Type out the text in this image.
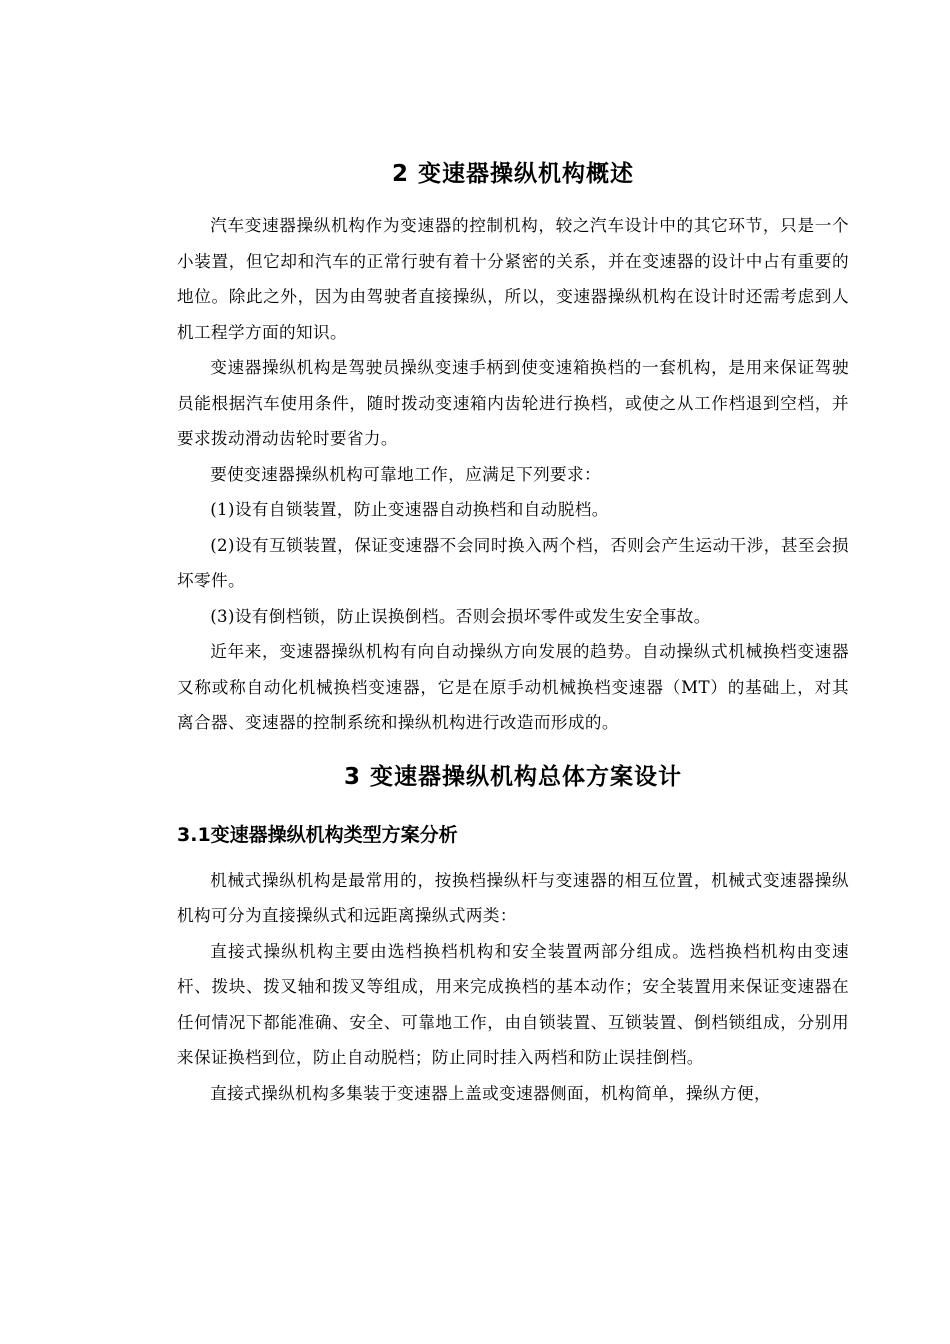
2 变速器操纵机构概述

汽车变速器操纵机构作为变速器的控制机构，较之汽车设计中的其它环节，只是一个小装置，但它却和汽车的正常行驶有着十分紧密的关系，并在变速器的设计中占有重要的地位。除此之外，因为由驾驶者直接操纵，所以，变速器操纵机构在设计时还需考虑到人机工程学方面的知识。

变速器操纵机构是驾驶员操纵变速手柄到使变速箱换档的一套机构，是用来保证驾驶员能根据汽车使用条件，随时拨动变速箱内齿轮进行换档，或使之从工作档退到空档，并要求拨动滑动齿轮时要省力。

要使变速器操纵机构可靠地工作，应满足下列要求：

(1)设有自锁装置，防止变速器自动换档和自动脱档。

(2)设有互锁装置，保证变速器不会同时换入两个档，否则会产生运动干涉，甚至会损坏零件。

(3)设有倒档锁，防止误换倒档。否则会损坏零件或发生安全事故。

近年来，变速器操纵机构有向自动操纵方向发展的趋势。自动操纵式机械换档变速器又称或称自动化机械换档变速器，它是在原手动机械换档变速器（MT）的基础上，对其离合器、变速器的控制系统和操纵机构进行改造而形成的。

3 变速器操纵机构总体方案设计
3.1变速器操纵机构类型方案分析

机械式操纵机构是最常用的，按换档操纵杆与变速器的相互位置，机械式变速器操纵机构可分为直接操纵式和远距离操纵式两类：

直接式操纵机构主要由选档换档机构和安全装置两部分组成。选档换档机构由变速杆、拨块、拨叉轴和拨叉等组成，用来完成换档的基本动作；安全装置用来保证变速器在任何情况下都能准确、安全、可靠地工作，由自锁装置、互锁装置、倒档锁组成，分别用来保证换档到位，防止自动脱档；防止同时挂入两档和防止误挂倒档。

直接式操纵机构多集装于变速器上盖或变速器侧面，机构简单，操纵方便，
